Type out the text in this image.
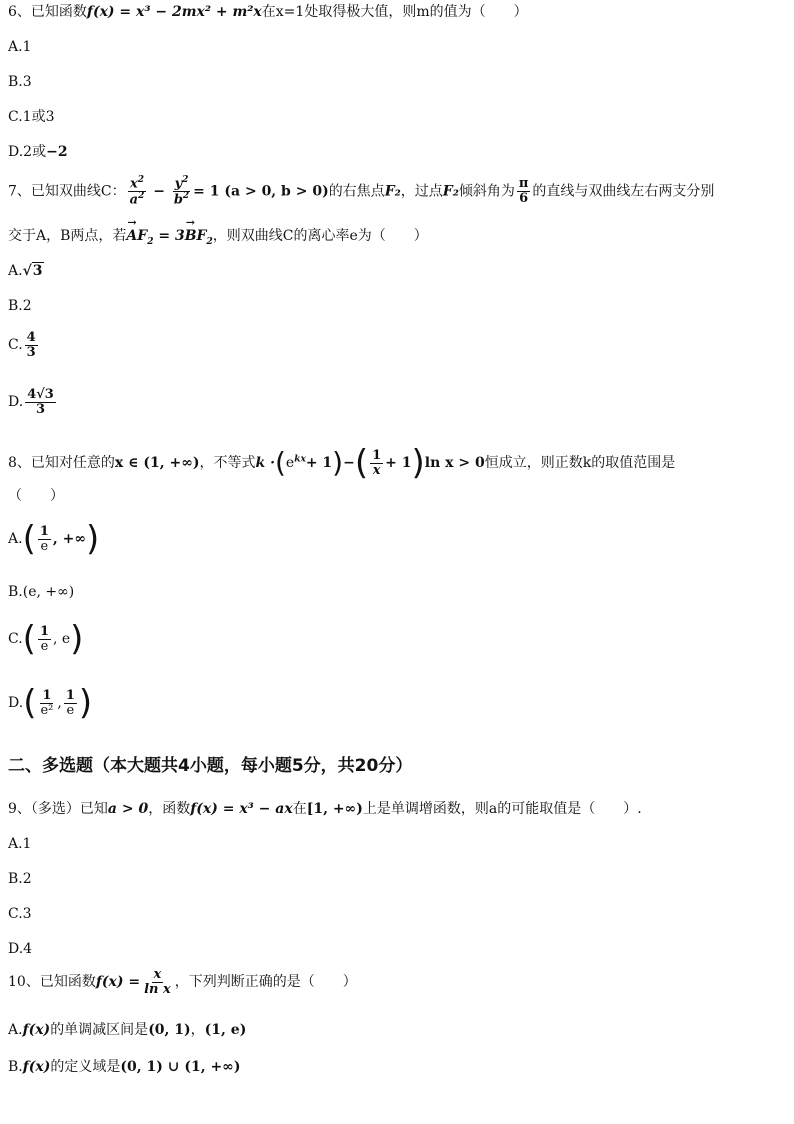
6、已知函数f(x) = x³ − 2mx² + m²x在x=1处取得极大值，则m的值为（　　）
A.1
B.3
C.1或3
D.2或−2
7、已知双曲线C： $\frac{x^2}{a^2} - \frac{y^2}{b^2} = 1$ (a > 0, b > 0)的右焦点F₂，过点F₂倾斜角为 $\frac{\pi}{6}$ 的直线与双曲线左右两支分别
交于A，B两点，若→ $AF_2 = 3\to BF_2$，则双曲线C的离心率e为（　　）
A.√3
B.2
C. $\frac{4}{3}$
D. $\frac{4√3}{3}$
8、已知对任意的x ∈ (1, +∞)，不等式$k \cdot(e^{kx}+ 1)-( \frac{1}{x} + 1)\ln$ x > 0恒成立，则正数k的取值范围是
（　　）
$A.( \frac{1}{e}$ , +∞)
B.(e, +∞)
$C.( \frac{1}{e}$ , e)
$D.( \frac{1}{\text{e²}}$ , $\frac{1}{e}$ )
二、多选题（本大题共4小题，每小题5分，共20分）
9、（多选）已知a > 0，函数f(x) = x³ − ax在[1, +∞)上是单调增函数，则a的可能取值是（　　）.
A.1
B.2
C.3
D.4
10、已知函数$f(x) = \frac{x}{\text{ln x}}$ ，下列判断正确的是（　　）
A.f(x)的单调减区间是(0, 1)，(1, e)
B.f(x)的定义域是(0, 1) ∪ (1, +∞)
